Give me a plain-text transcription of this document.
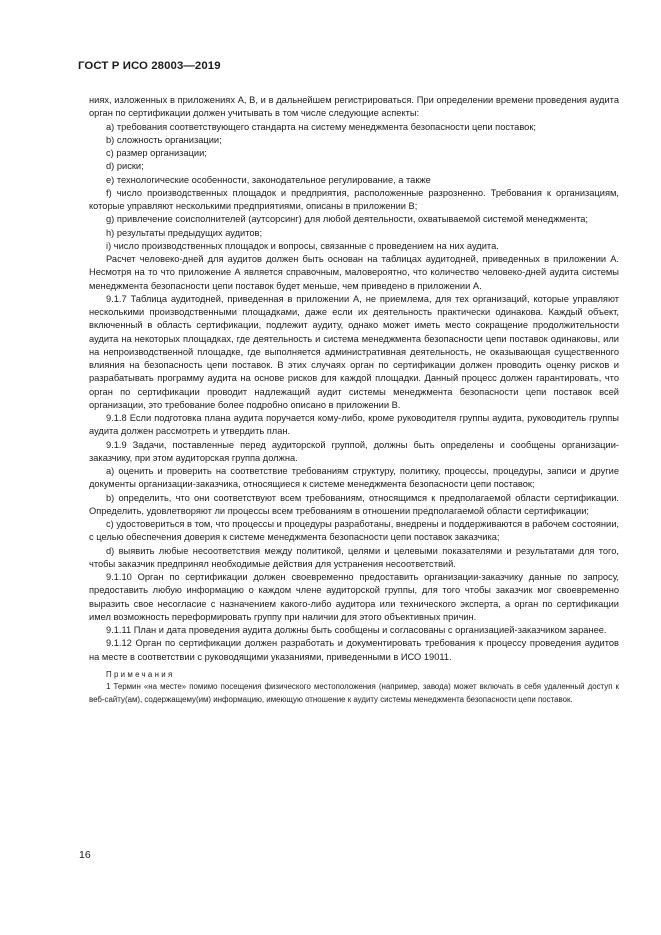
ГОСТ Р ИСО 28003—2019

ниях, изложенных в приложениях А, В, и в дальнейшем регистрироваться. При определении времени проведения аудита орган по сертификации должен учитывать в том числе следующие аспекты:

а) требования соответствующего стандарта на систему менеджмента безопасности цепи поставок;

b) сложность организации;

c) размер организации;

d) риски;

е) технологические особенности, законодательное регулирование, а также

f) число производственных площадок и предприятия, расположенные разрозненно. Требования к организациям, которые управляют несколькими предприятиями, описаны в приложении В;

g) привлечение соисполнителей (аутсорсинг) для любой деятельности, охватываемой системой менеджмента;

h) результаты предыдущих аудитов;

i) число производственных площадок и вопросы, связанные с проведением на них аудита.

Расчет человеко-дней для аудитов должен быть основан на таблицах аудитодней, приведенных в приложении А. Несмотря на то что приложение А является справочным, маловероятно, что количество человеко-дней аудита системы менеджмента безопасности цепи поставок будет меньше, чем приведено в приложении А.

9.1.7 Таблица аудитодней, приведенная в приложении А, не приемлема, для тех организаций, которые управляют несколькими производственными площадками, даже если их деятельность практически одинакова. Каждый объект, включенный в область сертификации, подлежит аудиту, однако может иметь место сокращение продолжительности аудита на некоторых площадках, где деятельность и система менеджмента безопасности цепи поставок одинаковы, или на непроизводственной площадке, где выполняется административная деятельность, не оказывающая существенного влияния на безопасность цепи поставок. В этих случаях орган по сертификации должен проводить оценку рисков и разрабатывать программу аудита на основе рисков для каждой площадки. Данный процесс должен гарантировать, что орган по сертификации проводит надлежащий аудит системы менеджмента безопасности цепи поставок всей организации, это требование более подробно описано в приложении В.

9.1.8 Если подготовка плана аудита поручается кому-либо, кроме руководителя группы аудита, руководитель группы аудита должен рассмотреть и утвердить план.

9.1.9 Задачи, поставленные перед аудиторской группой, должны быть определены и сообщены организации-заказчику, при этом аудиторская группа должна.

а) оценить и проверить на соответствие требованиям структуру, политику, процессы, процедуры, записи и другие документы организации-заказчика, относящиеся к системе менеджмента безопасности цепи поставок;

b) определить, что они соответствуют всем требованиям, относящимся к предполагаемой области сертификации. Определить, удовлетворяют ли процессы всем требованиям в отношении предполагаемой области сертификации;

с) удостовериться в том, что процессы и процедуры разработаны, внедрены и поддерживаются в рабочем состоянии, с целью обеспечения доверия к системе менеджмента безопасности цепи поставок заказчика;

d) выявить любые несоответствия между политикой, целями и целевыми показателями и результатами для того, чтобы заказчик предпринял необходимые действия для устранения несоответствий.

9.1.10 Орган по сертификации должен своевременно предоставить организации-заказчику данные по запросу, предоставить любую информацию о каждом члене аудиторской группы, для того чтобы заказчик мог своевременно выразить свое несогласие с назначением какого-либо аудитора или технического эксперта, а орган по сертификации имел возможность переформировать группу при наличии для этого объективных причин.

9.1.11 План и дата проведения аудита должны быть сообщены и согласованы с организацией-заказчиком заранее.

9.1.12 Орган по сертификации должен разработать и документировать требования к процессу проведения аудитов на месте в соответствии с руководящими указаниями, приведенными в ИСО 19011.

Примечания

1 Термин «на месте» помимо посещения физического местоположения (например, завода) может включать в себя удаленный доступ к веб-сайту(ам), содержащему(им) информацию, имеющую отношение к аудиту системы менеджмента безопасности цепи поставок.

16
